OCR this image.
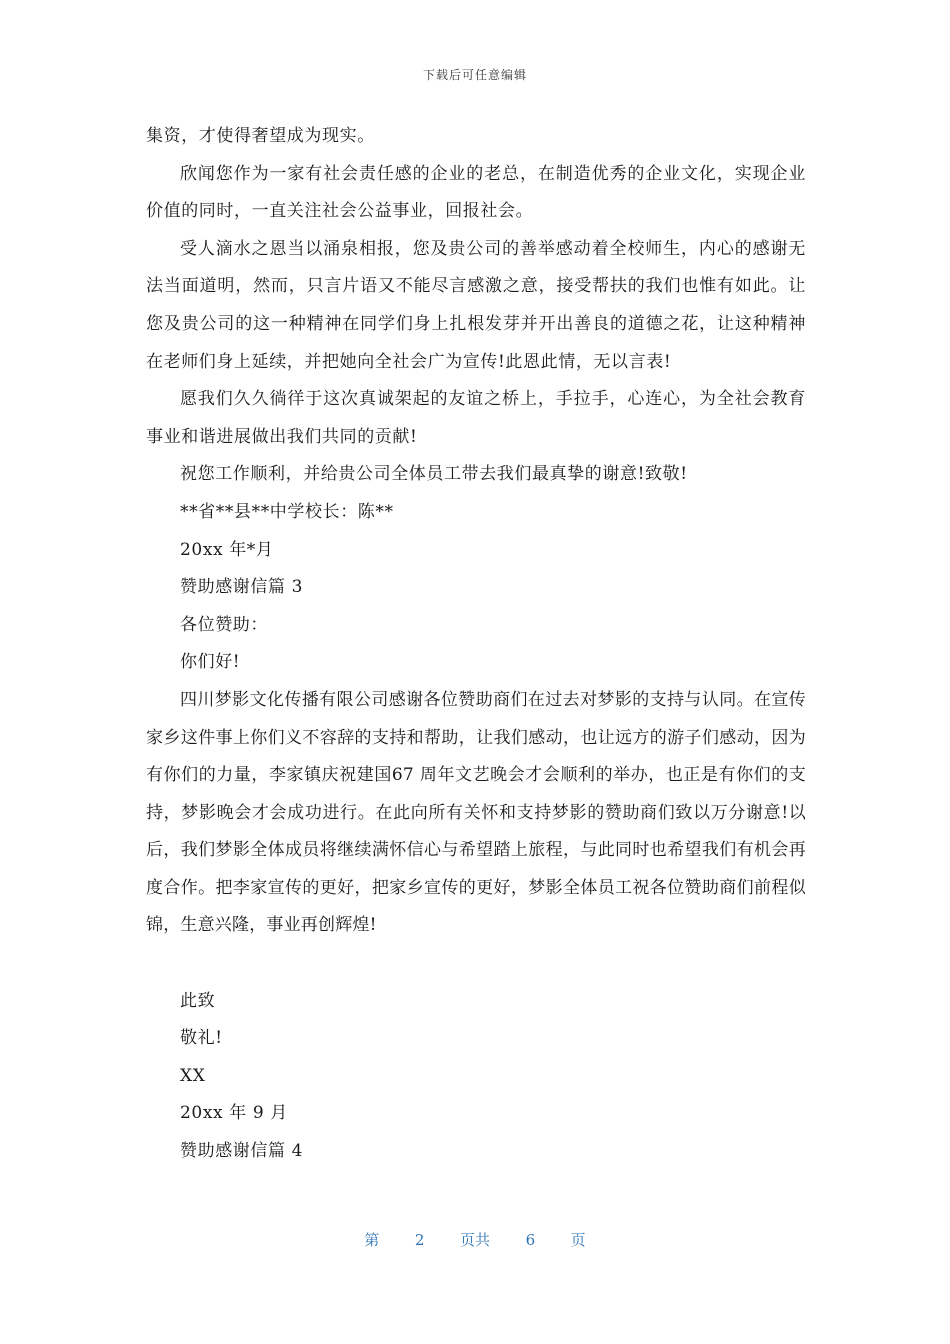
下载后可任意编辑

集资，才使得奢望成为现实。

欣闻您作为一家有社会责任感的企业的老总，在制造优秀的企业文化，实现企业价值的同时，一直关注社会公益事业，回报社会。

受人滴水之恩当以涌泉相报，您及贵公司的善举感动着全校师生，内心的感谢无法当面道明，然而，只言片语又不能尽言感激之意，接受帮扶的我们也惟有如此。让您及贵公司的这一种精神在同学们身上扎根发芽并开出善良的道德之花，让这种精神在老师们身上延续，并把她向全社会广为宣传!此恩此情，无以言表!

愿我们久久徜徉于这次真诚架起的友谊之桥上，手拉手，心连心，为全社会教育事业和谐进展做出我们共同的贡献!

祝您工作顺利，并给贵公司全体员工带去我们最真挚的谢意!致敬!

**省**县**中学校长：陈**

20xx 年*月

赞助感谢信篇 3

各位赞助：

你们好!

四川梦影文化传播有限公司感谢各位赞助商们在过去对梦影的支持与认同。在宣传家乡这件事上你们义不容辞的支持和帮助，让我们感动，也让远方的游子们感动，因为有你们的力量，李家镇庆祝建国67 周年文艺晚会才会顺利的举办，也正是有你们的支持，梦影晚会才会成功进行。在此向所有关怀和支持梦影的赞助商们致以万分谢意!以后，我们梦影全体成员将继续满怀信心与希望踏上旅程，与此同时也希望我们有机会再度合作。把李家宣传的更好，把家乡宣传的更好，梦影全体员工祝各位赞助商们前程似锦，生意兴隆，事业再创辉煌!

此致

敬礼!

XX

20xx 年 9 月

赞助感谢信篇 4

第 2 页共 6 页
